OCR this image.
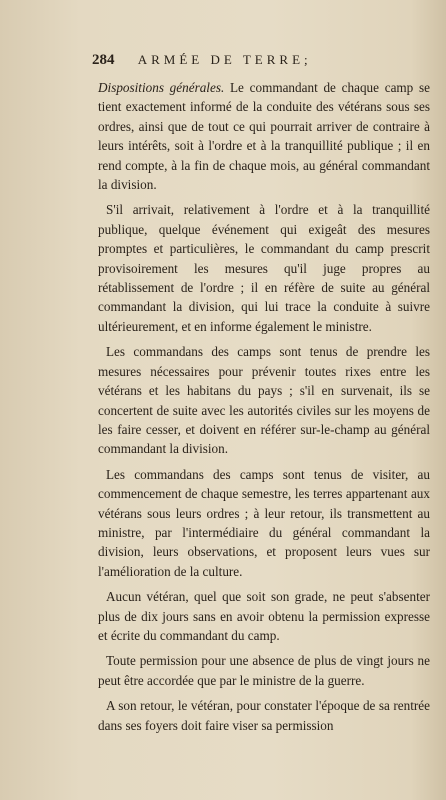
284 ARMÉE DE TERRE;

Dispositions générales. Le commandant de chaque camp se tient exactement informé de la conduite des vétérans sous ses ordres, ainsi que de tout ce qui pourrait arriver de contraire à leurs intérêts, soit à l'ordre et à la tranquillité publique ; il en rend compte, à la fin de chaque mois, au général commandant la division.

S'il arrivait, relativement à l'ordre et à la tranquillité publique, quelque événement qui exigeât des mesures promptes et particulières, le commandant du camp prescrit provisoirement les mesures qu'il juge propres au rétablissement de l'ordre ; il en réfère de suite au général commandant la division, qui lui trace la conduite à suivre ultérieurement, et en informe également le ministre.

Les commandans des camps sont tenus de prendre les mesures nécessaires pour prévenir toutes rixes entre les vétérans et les habitans du pays ; s'il en survenait, ils se concertent de suite avec les autorités civiles sur les moyens de les faire cesser, et doivent en référer sur-le-champ au général commandant la division.

Les commandans des camps sont tenus de visiter, au commencement de chaque semestre, les terres appartenant aux vétérans sous leurs ordres ; à leur retour, ils transmettent au ministre, par l'intermédiaire du général commandant la division, leurs observations, et proposent leurs vues sur l'amélioration de la culture.

Aucun vétéran, quel que soit son grade, ne peut s'absenter plus de dix jours sans en avoir obtenu la permission expresse et écrite du commandant du camp.

Toute permission pour une absence de plus de vingt jours ne peut être accordée que par le ministre de la guerre.

A son retour, le vétéran, pour constater l'époque de sa rentrée dans ses foyers doit faire viser sa permission
